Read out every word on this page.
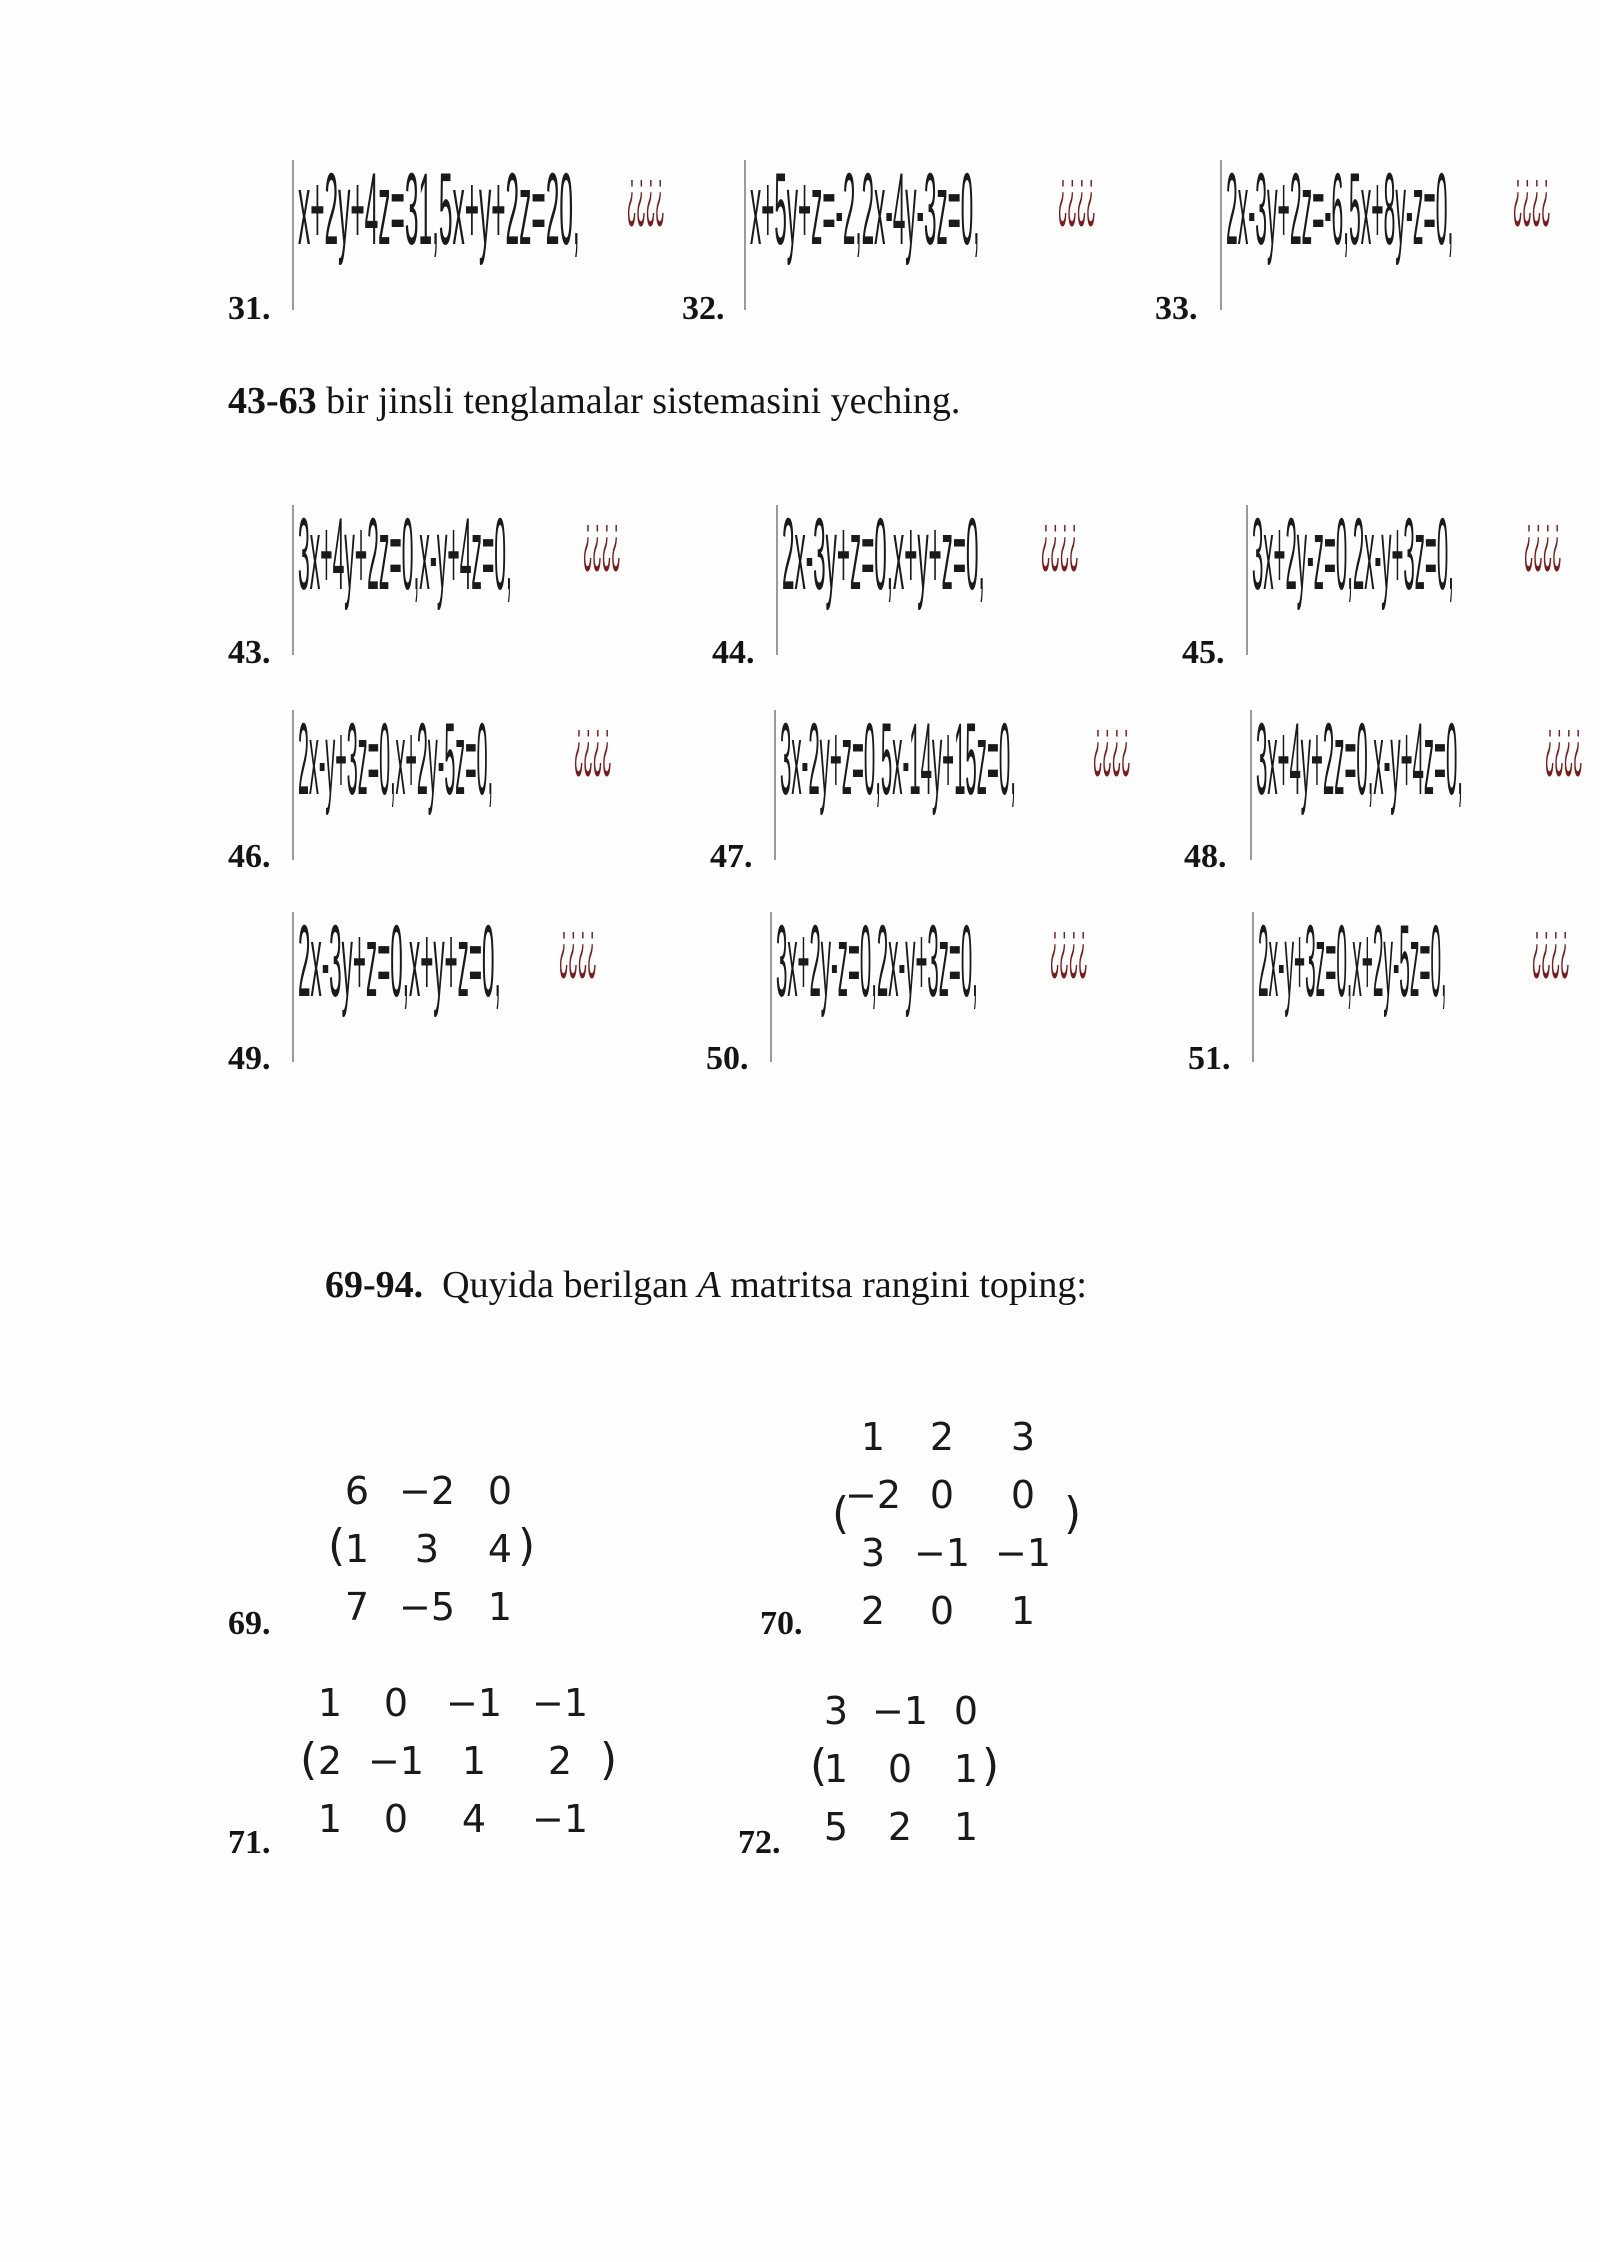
x+2y+4z=31,5x+y+2z=20, ¿¿¿¿
31.
x+5y+z=-2,2x-4y-3z=0,	¿¿¿¿
32.
2x-3y+2z=-6,5x+8y-z=0, ¿¿¿¿
33.
43-63 bir jinsli tenglamalar sistemasini yeching.
3x+4y+2z=0,x-y+4z=0,	¿¿¿¿
43.
2x-3y+z=0,x+y+z=0, ¿¿¿¿
44.
3x+2y-z=0,2x-y+3z=0,	¿¿¿¿
45.
2x-y+3z=0,x+2y-5z=0,	¿¿¿¿
46.
3x-2y+z=0,5x-14y+15z=0,	¿¿¿¿
47.
3x+4y+2z=0,x-y+4z=0,	¿¿¿¿
48.
2x-3y+z=0,x+y+z=0, ¿¿¿¿
49.
3x+2y-z=0,2x-y+3z=0,	¿¿¿¿
50.
2x-y+3z=0,x+2y-5z=0,	¿¿¿¿
51.
69-94.  Quyida berilgan A matritsa rangini toping:
6 −2 0
1	3	4
7 −5 1
(	)
69.
1	2	3
−2 0	0
3 −1 −1
2	0	1
(	)
70.
1	0 −1 −1
2 −1 1	2
1	0	4	−1
(	)
71.
3 −1 0
1	0	1
5	2	1
(	)
72.
